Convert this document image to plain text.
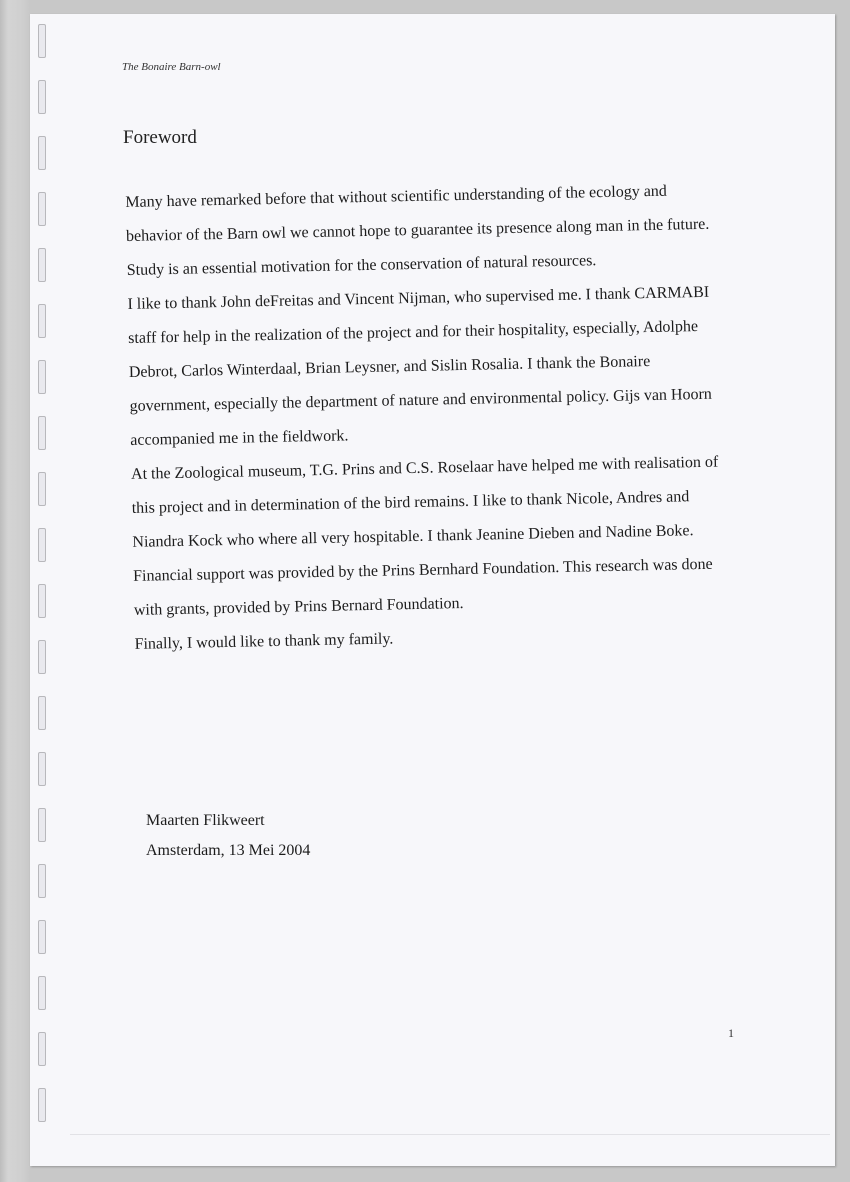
The Bonaire Barn-owl
Foreword

Many have remarked before that without scientific understanding of the ecology and behavior of the Barn owl we cannot hope to guarantee its presence along man in the future. Study is an essential motivation for the conservation of natural resources.

I like to thank John deFreitas and Vincent Nijman, who supervised me. I thank CARMABI staff for help in the realization of the project and for their hospitality, especially, Adolphe Debrot, Carlos Winterdaal, Brian Leysner, and Sislin Rosalia. I thank the Bonaire government, especially the department of nature and environmental policy. Gijs van Hoorn accompanied me in the fieldwork.

At the Zoological museum, T.G. Prins and C.S. Roselaar have helped me with realisation of this project and in determination of the bird remains. I like to thank Nicole, Andres and Niandra Kock who where all very hospitable. I thank Jeanine Dieben and Nadine Boke.

Financial support was provided by the Prins Bernhard Foundation. This research was done with grants, provided by Prins Bernard Foundation.

Finally, I would like to thank my family.

Maarten Flikweert
Amsterdam, 13 Mei 2004
1
